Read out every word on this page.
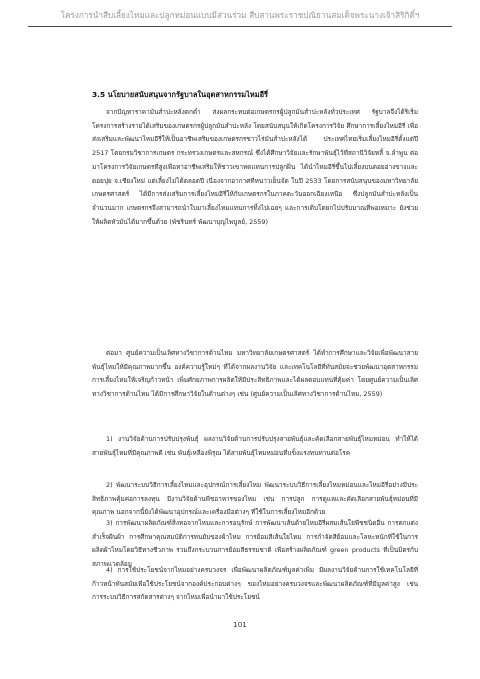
โครงการนำสืบเลี้ยงไหมและปลูกหม่อนแบบมีส่วนร่วม สืบสานพระราชปณิธานสมเด็จพระนางเจ้าสิริกิติ์ฯ
3.5 นโยบายสนับสนุนจากรัฐบาลในอุตสาหกรรมไหมอีรี่
จากปัญหาราคามันสำปะหลังตกต่ำ ส่งผลกระทบต่อเกษตรกรผู้ปลูกมันสำปะหลังทั่วประเทศ รัฐบาลจึงได้ริเริ่มโครงการสร้างรายได้เสริมของเกษตรกรผู้ปลูกมันสำปะหลัง โดยสนับสนุนให้เกิดโครงการวิจัย ศึกษาการเลี้ยงไหมอีรี่ เพื่อส่งเสริมและพัฒนาไหมอีรี่ให้เป็นอาชีพเสริมของเกษตรกรชาวไร่มันสำปะหลังได้ ประเทศไทยเริ่มเลี้ยงไหมอีรี่ตั้งแต่ปี 2517 โดยกรมวิชาการเกษตร กระทรวงเกษตรและสหกรณ์ ซึ่งได้ศึกษาวิจัยและรักษาพันธุ์ไว้ที่สถานีวิจัยหลี้ จ.ลำพูน ต่อมาโครงการวิจัยเกษตรที่สูงเพื่อหาอาชีพเสริมให้ชาวเขาทดแทนการปลูกฝิ่น ได้นำไหมอีรี่ขึ้นไปเลี้ยงบนดอยอ่างขางและดอยปุย จ.เชียงใหม่ แต่เลี้ยงไม่ได้ตลอดปี เนื่องจากอากาศที่หนาวเย็นจัด ในปี 2533 โดยการสนับสนุนของมหาวิทยาลัยเกษตรศาสตร์ ได้มีการส่งเสริมการเลี้ยงไหมอีรี่ให้กับเกษตรกรในภาคตะวันออกเฉียงเหนือ ซึ่งปลูกมันสำปะหลังเป็นจำนวนมาก เกษตรกรจึงสามารถนำใบมาเลี้ยงไหมแทนการทิ้งไปเฉยๆ และการเติบโตยกไปปรับมาณที่พอเหมาะ ยังช่วยให้ผลิตหัวมันได้มากขึ้นด้วย (พัชรินทร์ พัฒนาบุญไพบูลย์, 2559)
ต่อมา ศูนย์ความเป็นเลิศทางวิชาการด้านไหม มหาวิทยาลัยเกษตรศาสตร์ ได้ทำการศึกษาและวิจัยเพื่อพัฒนาสายพันธุ์ไหมให้มีคุณภาพมากขึ้น องค์ความรู้ใหม่ๆ ที่ได้จากผลงานวิจัย และเทคโนโลยีที่ทันสมัยจะช่วยพัฒนาอุตสาหกรรมการเลี้ยงไหมให้เจริญก้าวหน้า เพิ่มศักยภาพการผลิตให้มีประสิทธิภาพและได้ผลตอบแทนที่คุ้มค่า โดยศูนย์ความเป็นเลิศทางวิชาการด้านไหม ได้มีการศึกษาวิจัยในด้านต่างๆ เช่น (ศูนย์ความเป็นเลิศทางวิชาการด้านไหม, 2559)
1) งานวิจัยด้านการปรับปรุงพันธุ์ ผลงานวิจัยด้านการปรับปรุงสายพันธุ์และคัดเลือกสายพันธุ์ไหมหม่อน ทำให้ได้สายพันธุ์ไหมที่มีคุณภาพดี เช่น พันธุ์เหลืองพิรุณ ได้สายพันธุ์ไหมหม่อนที่แข็งแรงทนทานต่อโรค
2) พัฒนาระบบวิธีการเลี้ยงไหมและอุปกรณ์การเลี้ยงไหม พัฒนาระบบวิธีการเลี้ยงไหมหม่อนและไหมอีรี่อย่างมีประสิทธิภาพคุ้มค่อการลงทุน มีงานวิจัยด้านพืชอาหารของไหม เช่น การปลูก การดูแลและคัดเลือกสายพันธุ์หม่อนที่มีคุณภาพ นอกจากนี้ยังได้พัฒนาอุปกรณ์และเครื่องมือต่างๆ ที่ใช้ในการเลี้ยงไหมอีกด้วย
3) การพัฒนาผลิตภัณฑ์สิ่งทอจากไหมและการอนุรักษ์ การพัฒนาเส้นด้ายไหมอีรี่ผสมเส้นใยพืชชนิดอื่น การตกแต่งสำเร็จผืนผ้า การศึกษาคุณสมบัติการทนยับของผ้าไหม การย้อมสีเส้นใยไหม การกำจัดสีย้อมและโลหะหนักที่ใช้ในการผลิตผ้าไหมโดยวิธีทางชีวภาพ รวมถึงกระบวนการย้อมสีธรรมชาติ เพื่อสร้างผลิตภัณฑ์ green products ที่เป็นมิตรกับสภาพแวดล้อม
4) การใช้ประโยชน์จากไหมอย่างครบวงจร เพื่อพัฒนาผลิตภัณฑ์มูลค่าเพิ่ม มีผลงานวิจัยด้านการใช้เทคโนโลยีที่ก้าวหน้าทันสมัยเพื่อใช้ประโยชน์จากองค์ประกอบต่างๆ ของไหมอย่างครบวงจรและพัฒนาผลิตภัณฑ์ที่มีมูลค่าสูง เช่นการระบบวิธีการสกัดสารต่างๆ จากไหมเพื่อนำมาใช้ประโยชน์
101
